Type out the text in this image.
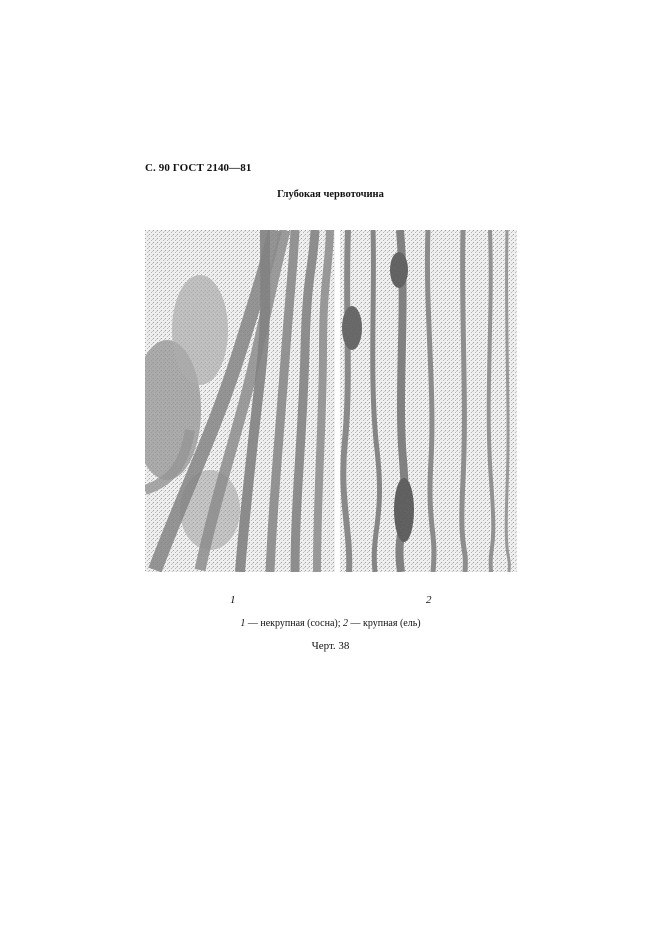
С. 90 ГОСТ 2140—81
Глубокая червоточина
1	2
1 — некрупная (сосна); 2 — крупная (ель)
Черт. 38
